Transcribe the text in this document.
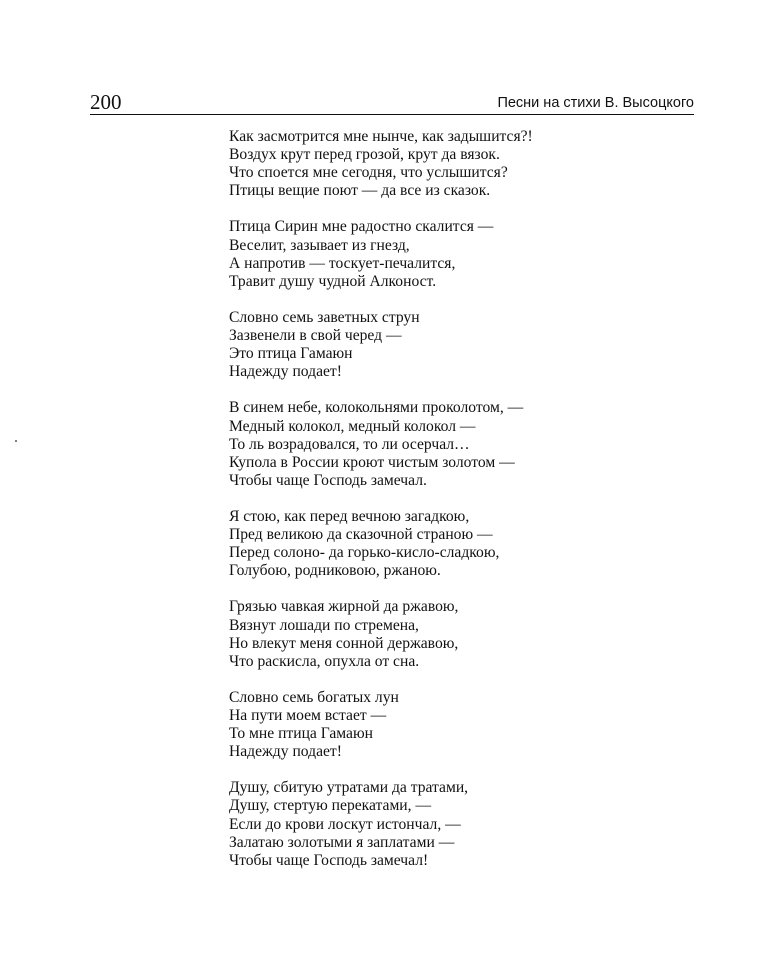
200	Песни на стихи В. Высоцкого
Как засмотрится мне нынче, как задышится?!
Воздух крут перед грозой, крут да вязок.
Что споется мне сегодня, что услышится?
Птицы вещие поют — да все из сказок.
Птица Сирин мне радостно скалится —
Веселит, зазывает из гнезд,
А напротив — тоскует-печалится,
Травит душу чудной Алконост.
Словно семь заветных струн
Зазвенели в свой черед —
Это птица Гамаюн
Надежду подает!
В синем небе, колокольнями проколотом, —
Медный колокол, медный колокол —
То ль возрадовался, то ли осерчал…
Купола в России кроют чистым золотом —
Чтобы чаще Господь замечал.
Я стою, как перед вечною загадкою,
Пред великою да сказочной страною —
Перед солоно- да горько-кисло-сладкою,
Голубою, родниковою, ржаною.
Грязью чавкая жирной да ржавою,
Вязнут лошади по стремена,
Но влекут меня сонной державою,
Что раскисла, опухла от сна.
Словно семь богатых лун
На пути моем встает —
То мне птица Гамаюн
Надежду подает!
Душу, сбитую утратами да тратами,
Душу, стертую перекатами, —
Если до крови лоскут истончал, —
Залатаю золотыми я заплатами —
Чтобы чаще Господь замечал!
